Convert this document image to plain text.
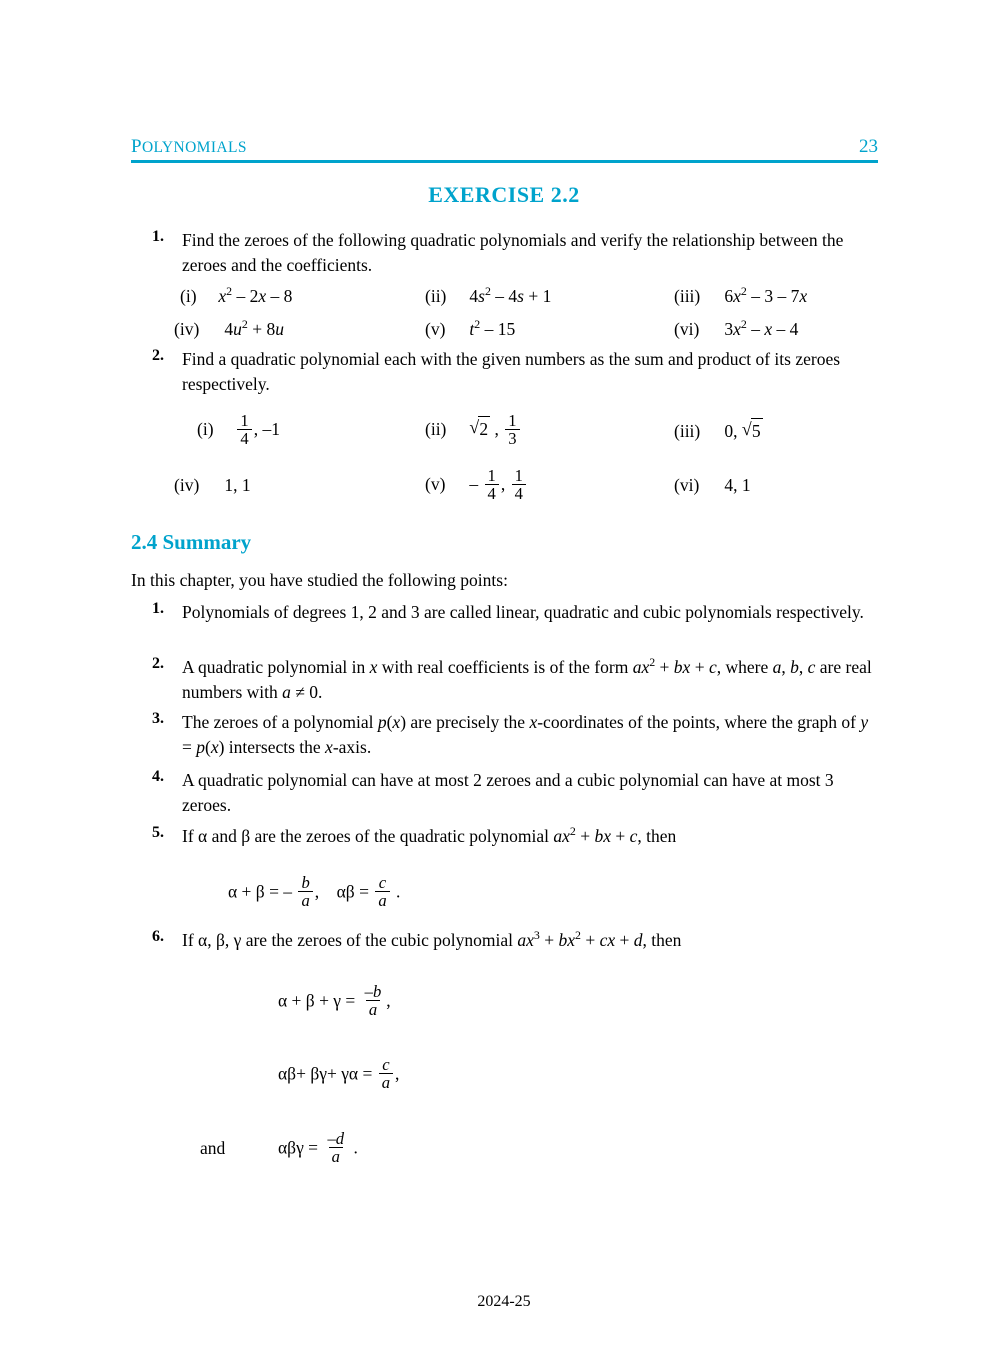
POLYNOMIALS	23
EXERCISE 2.2
1.	Find the zeroes of the following quadratic polynomials and verify the relationship between the zeroes and the coefficients.
(i) $x^2 - 2x - 8$	(ii) $4s^2 - 4s + 1$	(iii) $6x^2 - 3 - 7x$
(iv) $4u^2 + 8u$	(v) $t^2 - 15$	(vi) $3x^2$ – x – 4
2.	Find a quadratic polynomial each with the given numbers as the sum and product of its zeroes respectively.
$(i) \frac{1}{4}$ , –1	(ii) √ 2 , $\frac{1}{3}$	(iii) 0, √ 5
(iv) 1, 1	$(v) - \frac{1}{4}$ , $\frac{1}{4}$	(vi) 4, 1
2.4 Summary
In this chapter, you have studied the following points:
1.	Polynomials of degrees 1, 2 and 3 are called linear, quadratic and cubic polynomials respectively.
2.	A quadratic polynomial in x with real coefficients is of the form $ax^2$ + bx + c, where a, b, c are real numbers with a ≠ 0.
3.	The zeroes of a polynomial p(x) are precisely the x-coordinates of the points, where the graph of y = p(x) intersects the x-axis.
4.	A quadratic polynomial can have at most 2 zeroes and a cubic polynomial can have at most 3 zeroes.
5.	If α and β are the zeroes of the quadratic polynomial $ax^2$ + bx + c, then
α + β = – $\frac{b}{a}$ ,    $\alpha\beta = \frac{c}{a}$ .
6.	If α, β, γ are the zeroes of the cubic polynomial $ax^3 + bx^2$ + cx + d, then
$\alpha + \beta + \gamma = \frac{-b}{a}$ ,
$\alpha\beta+ \beta\gamma+ \gamma\alpha = \frac{c}{a}$ ,
and	$\alpha\beta\gamma = \frac{-d}{a}$ .
2024-25
